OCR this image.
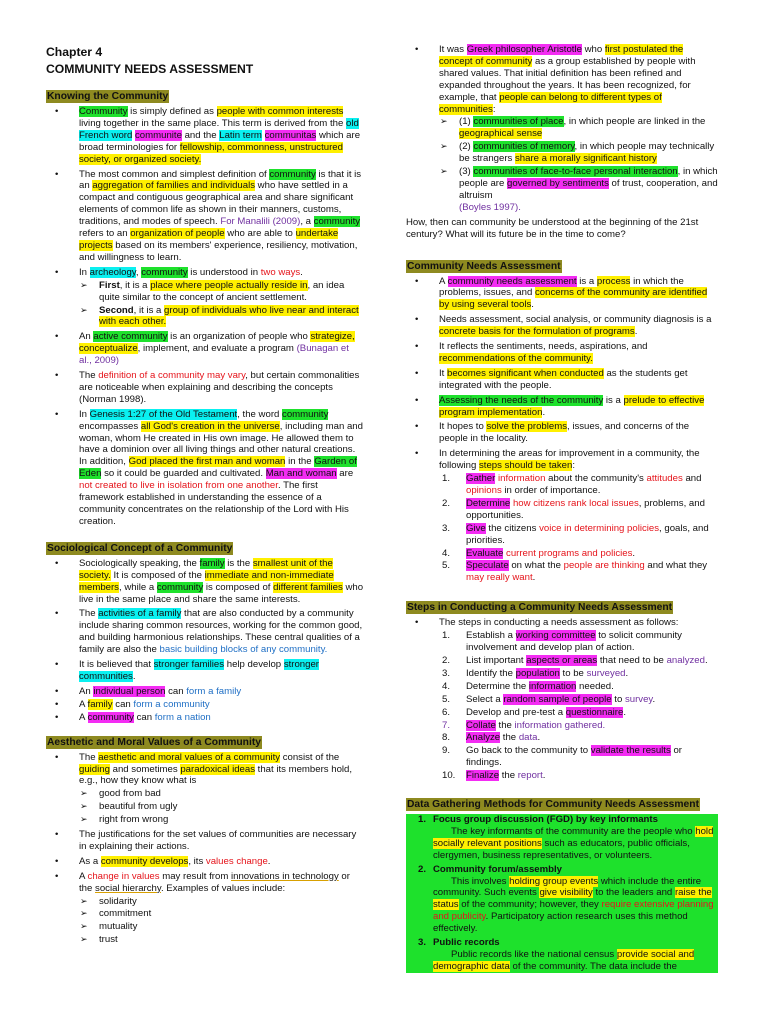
Chapter 4
COMMUNITY NEEDS ASSESSMENT
Knowing the Community
• Community is simply defined as people with common interests living together in the same place. This term is derived from the old French word communite and the Latin term communitas which are broad terminologies for fellowship, commonness, unstructured society, or organized society.
• The most common and simplest definition of community is that it is an aggregation of families and individuals who have settled in a compact and contiguous geographical area and share significant elements of common life as shown in their manners, customs, traditions, and modes of speech. For Manalili (2009), a community refers to an organization of people who are able to undertake projects based on its members' experience, resiliency, motivation, and willingness to learn.
• In archeology, community is understood in two ways.
➢ First, it is a place where people actually reside in, an idea quite similar to the concept of ancient settlement.
➢ Second, it is a group of individuals who live near and interact with each other.
• An active community is an organization of people who strategize, conceptualize, implement, and evaluate a program (Bunagan et al., 2009)
• The definition of a community may vary, but certain commonalities are noticeable when explaining and describing the concepts (Norman 1998).
• In Genesis 1:27 of the Old Testament, the word community encompasses all God's creation in the universe, including man and woman, whom He created in His own image. He allowed them to have a dominion over all living things and other natural creations. In addition, God placed the first man and woman in the Garden of Eden so it could be guarded and cultivated. Man and woman are not created to live in isolation from one another. The first framework established in understanding the essence of a community concentrates on the relationship of the Lord with His creation.
Sociological Concept of a Community
• Sociologically speaking, the family is the smallest unit of the society. It is composed of the immediate and non-immediate members, while a community is composed of different families who live in the same place and share the same interests.
• The activities of a family that are also conducted by a community include sharing common resources, working for the common good, and building harmonious relationships. These central qualities of a family are also the basic building blocks of any community.
• It is believed that stronger families help develop stronger communities.
• An individual person can form a family
• A family can form a community
• A community can form a nation
Aesthetic and Moral Values of a Community
• The aesthetic and moral values of a community consist of the guiding and sometimes paradoxical ideas that its members hold, e.g., how they know what is
➢ good from bad
➢ beautiful from ugly
➢ right from wrong
• The justifications for the set values of communities are necessary in explaining their actions.
• As a community develops, its values change.
• A change in values may result from innovations in technology or the social hierarchy. Examples of values include:
➢ solidarity
➢ commitment
➢ mutuality
➢ trust
• It was Greek philosopher Aristotle who first postulated the concept of community as a group established by people with shared values. That initial definition has been refined and expanded throughout the years. It has been recognized, for example, that people can belong to different types of communities:
➢ (1) communities of place, in which people are linked in the geographical sense
➢ (2) communities of memory, in which people may technically be strangers share a morally significant history
➢ (3) communities of face-to-face personal interaction, in which people are governed by sentiments of trust, cooperation, and altruism
(Boyles 1997).

How, then can community be understood at the beginning of the 21st century? What will its future be in the time to come?

Community Needs Assessment
• A community needs assessment is a process in which the problems, issues, and concerns of the community are identified by using several tools.
• Needs assessment, social analysis, or community diagnosis is a concrete basis for the formulation of programs.
• It reflects the sentiments, needs, aspirations, and recommendations of the community.
• It becomes significant when conducted as the students get integrated with the people.
• Assessing the needs of the community is a prelude to effective program implementation.
• It hopes to solve the problems, issues, and concerns of the people in the locality.
• In determining the areas for improvement in a community, the following steps should be taken:
1. Gather information about the community's attitudes and opinions in order of importance.
2. Determine how citizens rank local issues, problems, and opportunities.
3. Give the citizens voice in determining policies, goals, and priorities.
4. Evaluate current programs and policies.
5. Speculate on what the people are thinking and what they may really want.
Steps in Conducting a Community Needs Assessment
• The steps in conducting a needs assessment as follows:
1. Establish a working committee to solicit community involvement and develop plan of action.
2. List important aspects or areas that need to be analyzed.
3. Identify the population to be surveyed.
4. Determine the information needed.
5. Select a random sample of people to survey.
6. Develop and pre-test a questionnaire.
7. Collate the information gathered.
8. Analyze the data.
9. Go back to the community to validate the results or findings.
10. Finalize the report.
Data Gathering Methods for Community Needs Assessment
1. Focus group discussion (FGD) by key informants
The key informants of the community are the people who hold socially relevant positions such as educators, public officials, clergymen, business representatives, or volunteers.
2. Community forum/assembly
This involves holding group events which include the entire community. Such events give visibility to the leaders and raise the status of the community; however, they require extensive planning and publicity. Participatory action research uses this method effectively.
3. Public records
Public records like the national census provide social and demographic data of the community. The data include the
